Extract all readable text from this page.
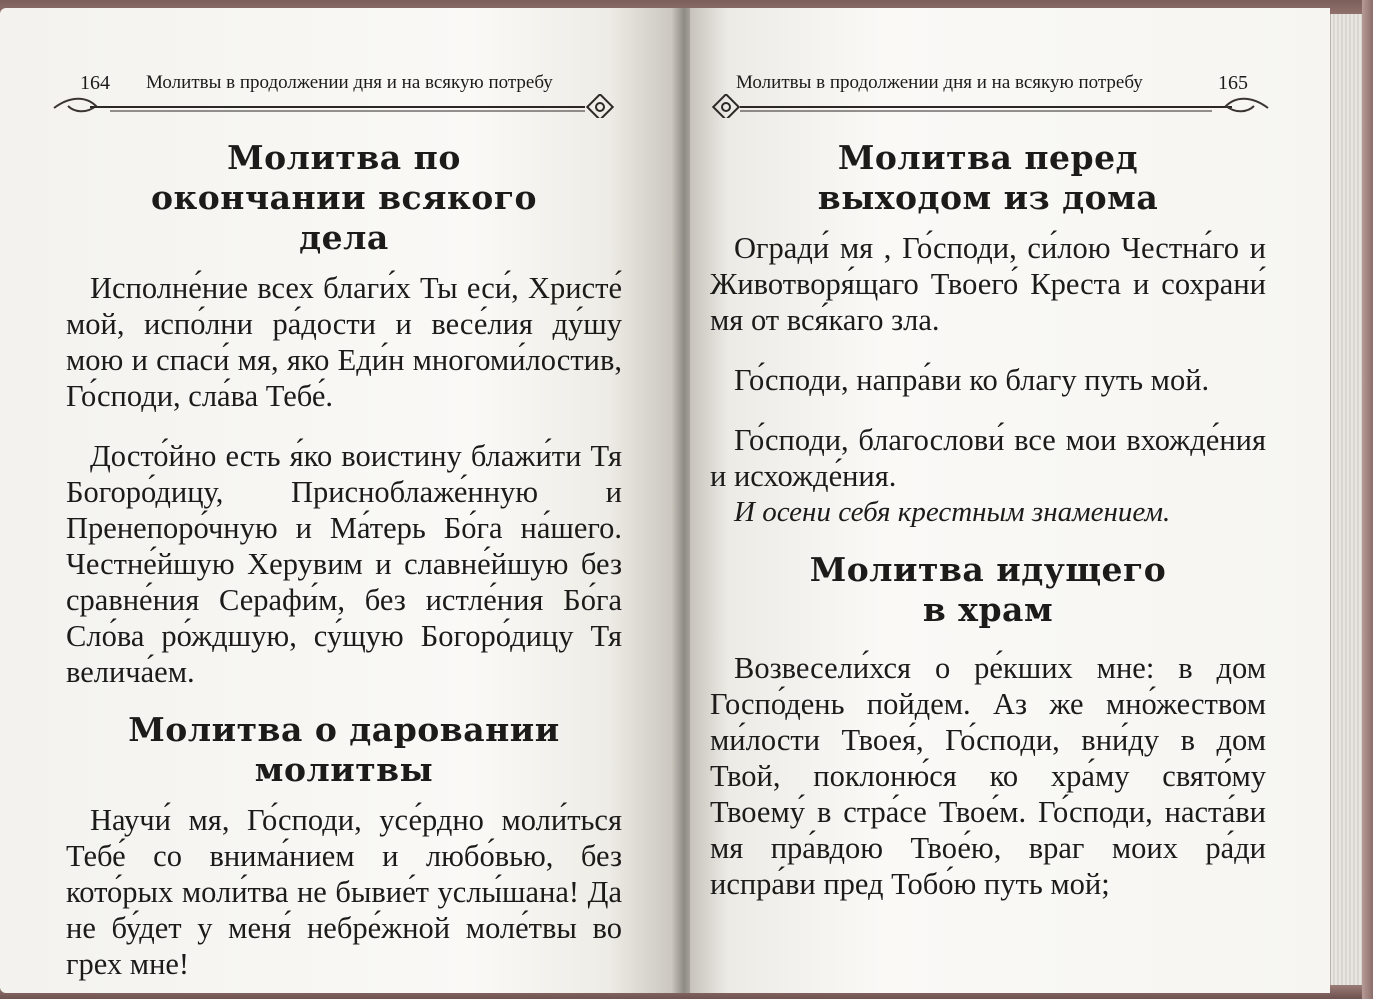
164 Молитвы в продолжении дня и на всякую потребу
Молитва по окончании всякого дела

Исполне́ние всех благи́х Ты еси́, Христе́ мой, испо́лни ра́дости и весе́лия ду́шу мою и спаси́ мя, яко Еди́н многоми́лостив, Го́споди, сла́ва Тебе́.

Досто́йно есть я́ко воистину блажи́ти Тя Богоро́дицу, Присноблаже́нную и Пренепоро́чную и Ма́терь Бо́га на́шего. Честне́йшую Херувим и славне́йшую без сравне́ния Серафи́м, без истле́ния Бо́га Сло́ва ро́ждшую, су́щую Богоро́дицу Тя велича́ем.

Молитва о даровании молитвы

Научи́ мя, Го́споди, усе́рдно моли́ться Тебе́ со внима́нием и любо́вью, без кото́рых моли́тва не бывие́т услы́шана! Да не бу́дет у меня́ небре́жной моле́твы во грех мне!

Молитвы в продолжении дня и на всякую потребу	165
Молитва перед выходом из дома

Огради́ мя , Го́споди, си́лою Честна́го и Животворя́щаго Твоего́ Креста и сохрани́ мя от вся́каго зла.

Го́споди, напра́ви ко благу путь мой.

Го́споди, благослови́ все мои вхожде́ния и исхожде́ния.

И осени себя крестным знамением.

Молитва идущего в храм

Возвесели́хся о ре́кших мне: в дом Госпо́день пойдем. Аз же мно́жеством ми́лости Твоея́, Го́споди, вни́ду в дом Твой, поклоню́ся ко хра́му свято́му Твоему́ в стра́се Твое́м. Го́споди, наста́ви мя пра́вдою Твое́ю, враг моих ра́ди испра́ви пред Тобо́ю путь мой;
